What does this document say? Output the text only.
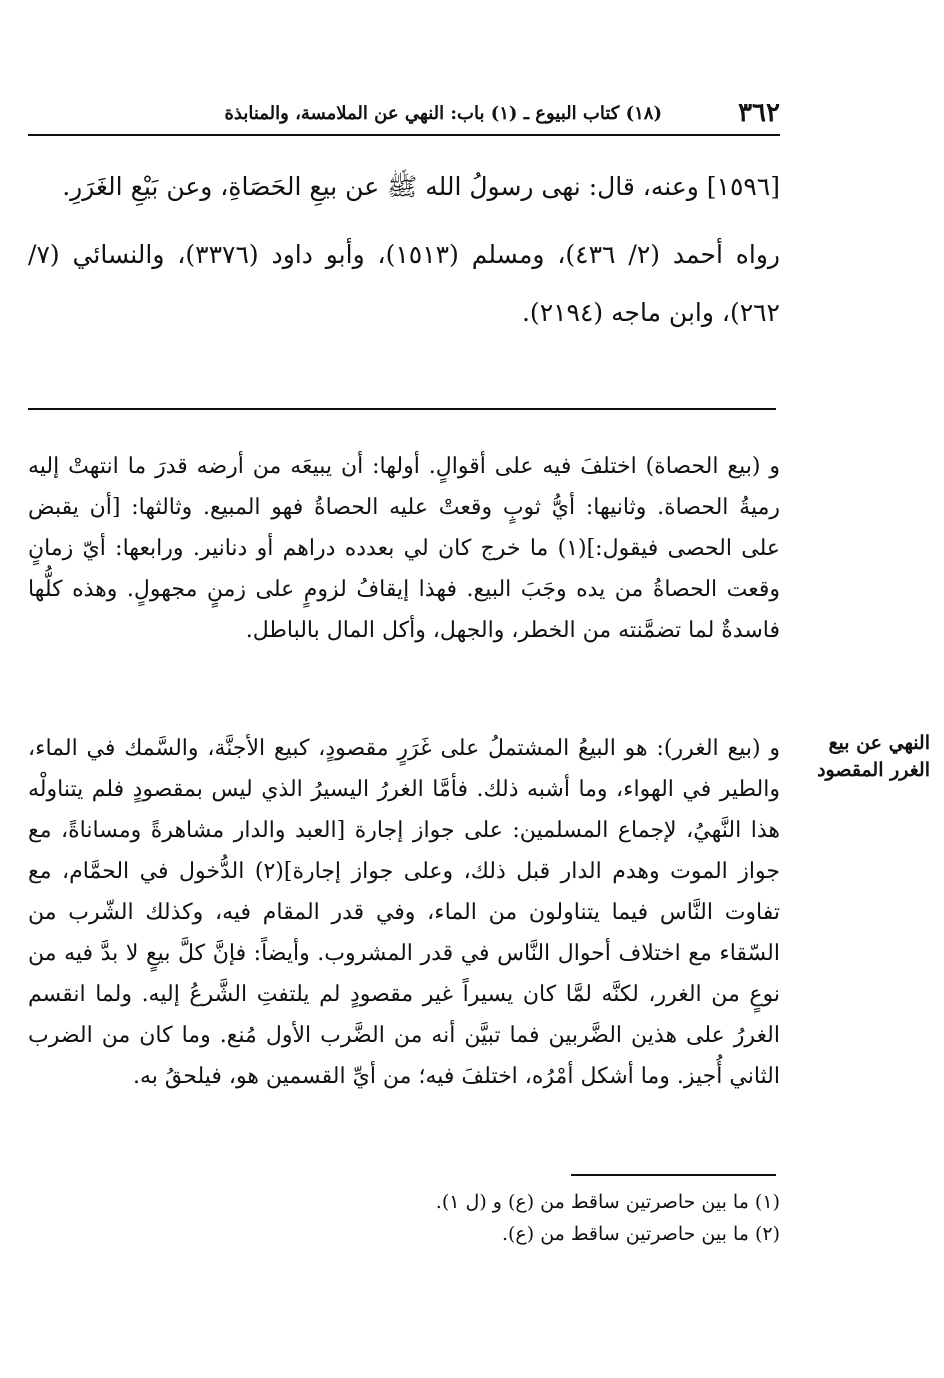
٣٦٢
(١٨) كتاب البيوع ـ (١) باب: النهي عن الملامسة، والمنابذة

[١٥٩٦] وعنه، قال: نهى رسولُ الله ﷺ عن بيعِ الحَصَاةِ، وعن بَيْعِ الغَرَرِ.

رواه أحمد (٢/ ٤٣٦)، ومسلم (١٥١٣)، وأبو داود (٣٣٧٦)، والنسائي (٧/ ٢٦٢)، وابن ماجه (٢١٩٤).

و (بيع الحصاة) اختلفَ فيه على أقوالٍ. أولها: أن يبيعَه من أرضه قدرَ ما انتهتْ إليه رميةُ الحصاة. وثانيها: أيُّ ثوبٍ وقعتْ عليه الحصاةُ فهو المبيع. وثالثها: [أن يقبض على الحصى فيقول:](١) ما خرج كان لي بعدده دراهم أو دنانير. ورابعها: أيّ زمانٍ وقعت الحصاةُ من يده وجَبَ البيع. فهذا إيقافُ لزومٍ على زمنٍ مجهولٍ. وهذه كلُّها فاسدةٌ لما تضمَّنته من الخطر، والجهل، وأكل المال بالباطل.

النهي عن بيع الغرر المقصود

و (بيع الغرر): هو البيعُ المشتملُ على غَرَرٍ مقصودٍ، كبيع الأجنَّة، والسَّمك في الماء، والطير في الهواء، وما أشبه ذلك. فأمَّا الغررُ اليسيرُ الذي ليس بمقصودٍ فلم يتناولْه هذا النَّهيُ، لإجماع المسلمين: على جواز إجارة [العبد والدار مشاهرةً ومساناةً، مع جواز الموت وهدم الدار قبل ذلك، وعلى جواز إجارة](٢) الدُّخول في الحمَّام، مع تفاوت النَّاس فيما يتناولون من الماء، وفي قدر المقام فيه، وكذلك الشّرب من السّقاء مع اختلاف أحوال النَّاس في قدر المشروب. وأيضاً: فإنَّ كلَّ بيعٍ لا بدَّ فيه من نوعٍ من الغرر، لكنَّه لمَّا كان يسيراً غير مقصودٍ لم يلتفتِ الشَّرعُ إليه. ولما انقسم الغررُ على هذين الضَّربين فما تبيَّن أنه من الضَّرب الأول مُنع. وما كان من الضرب الثاني أُجيز. وما أشكل أمْرُه، اختلفَ فيه؛ من أيِّ القسمين هو، فيلحقُ به.

(١) ما بين حاصرتين ساقط من (ع) و (ل ١).

(٢) ما بين حاصرتين ساقط من (ع).
